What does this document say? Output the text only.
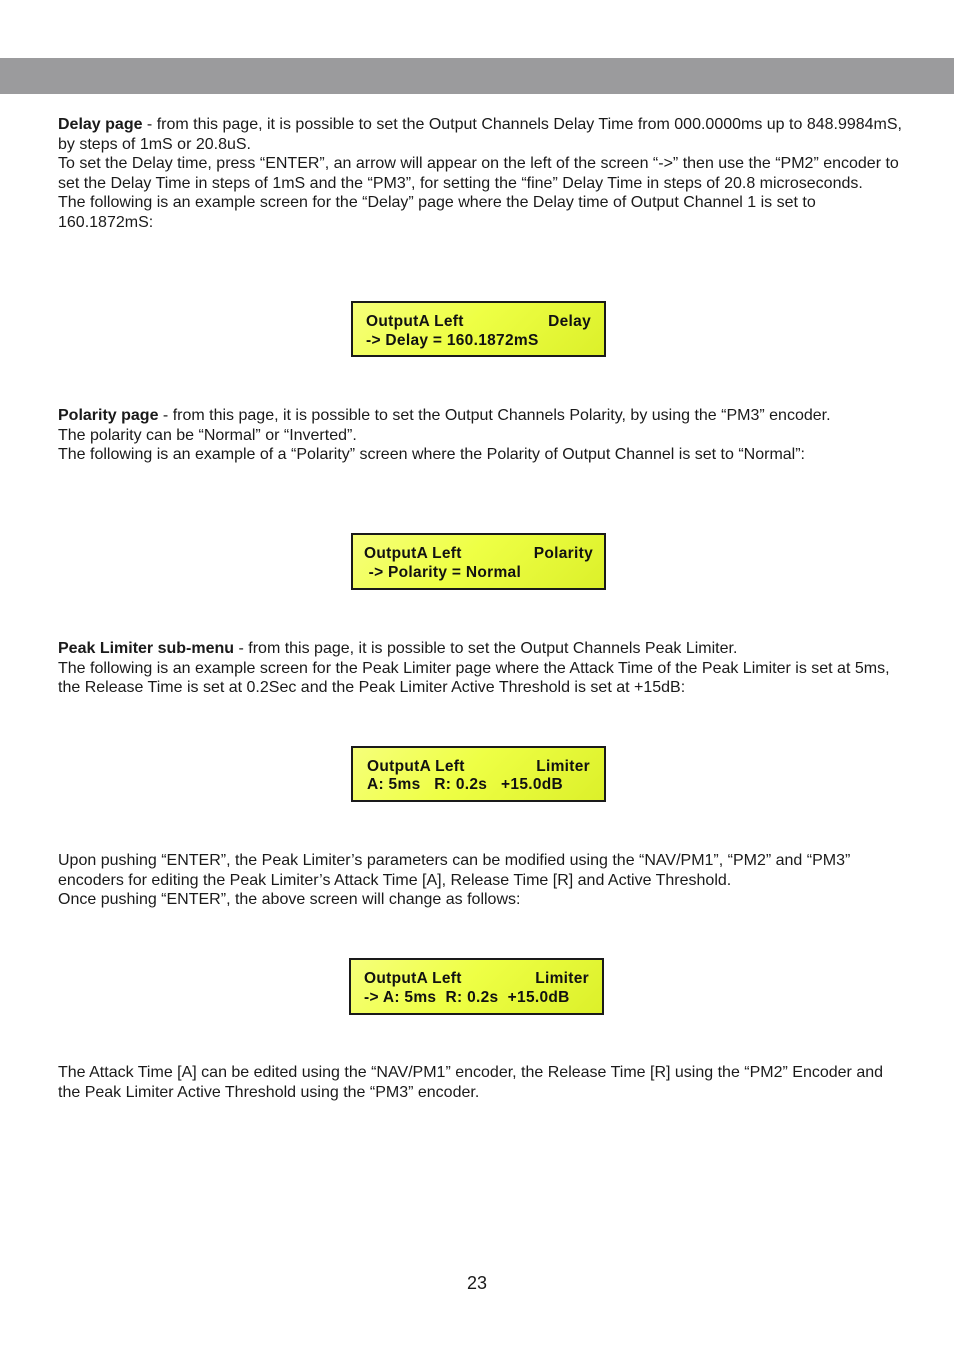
Delay page - from this page, it is possible to set the Output Channels Delay Time from 000.0000ms up to 848.9984mS, by steps of 1mS or 20.8uS.

To set the Delay time, press “ENTER”, an arrow will appear on the left of the screen “->” then use the “PM2” encoder to set the Delay Time in steps of 1mS and the “PM3”, for setting the “fine” Delay Time in steps of 20.8 microseconds.

The following is an example screen for the “Delay” page where the Delay time of Output Channel 1 is set to 160.1872mS:

OutputA Left	Delay
-> Delay = 160.1872mS

Polarity page - from this page, it is possible to set the Output Channels Polarity, by using the “PM3” encoder.

The polarity can be “Normal” or “Inverted”.

The following is an example of a “Polarity” screen where the Polarity of Output Channel is set to “Normal”:

OutputA Left	Polarity
-> Polarity = Normal

Peak Limiter sub-menu - from this page, it is possible to set the Output Channels Peak Limiter.

The following is an example screen for the Peak Limiter page where the Attack Time of the Peak Limiter is set at 5ms, the Release Time is set at 0.2Sec and the Peak Limiter Active Threshold is set at +15dB:

OutputA Left	Limiter
A: 5ms   R: 0.2s   +15.0dB

Upon pushing “ENTER”, the Peak Limiter’s parameters can be modified using the “NAV/PM1”, “PM2” and “PM3” encoders for editing the Peak Limiter’s Attack Time [A], Release Time [R] and Active Threshold.

Once pushing “ENTER”, the above screen will change as follows:

OutputA Left	Limiter
-> A: 5ms  R: 0.2s  +15.0dB

The Attack Time [A] can be edited using the “NAV/PM1” encoder, the Release Time [R] using the “PM2” Encoder and the Peak Limiter Active Threshold using the “PM3” encoder.

23
